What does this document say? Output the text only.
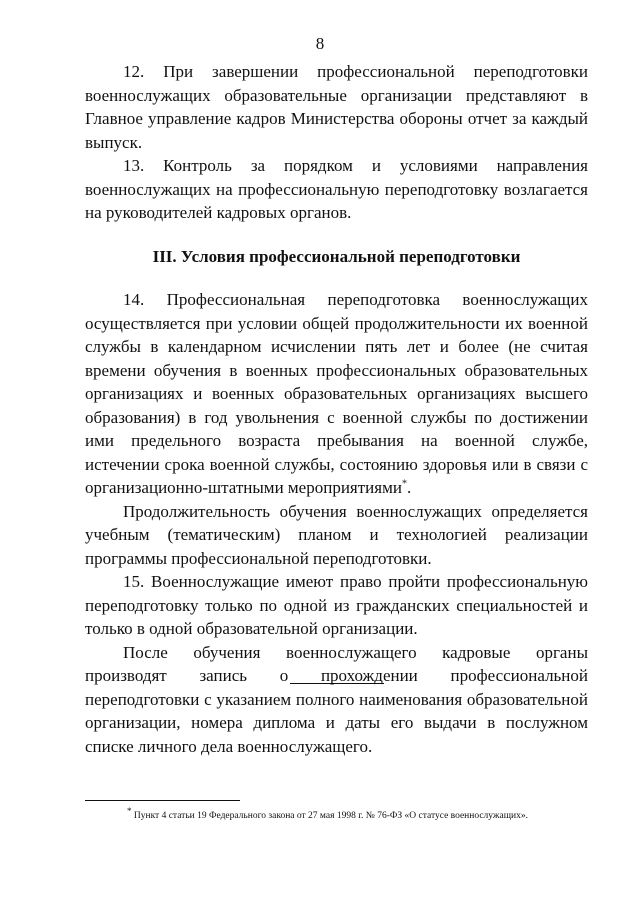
8

12. При завершении профессиональной переподготовки военнослужащих образовательные организации представляют в Главное управление кадров Министерства обороны отчет за каждый выпуск.

13. Контроль за порядком и условиями направления военнослужащих на профессиональную переподготовку возлагается на руководителей кадровых органов.

III. Условия профессиональной переподготовки

14. Профессиональная переподготовка военнослужащих осуществляется при условии общей продолжительности их военной службы в календарном исчислении пять лет и более (не считая времени обучения в военных профессиональных образовательных организациях и военных образовательных организациях высшего образования) в год увольнения с военной службы по достижении ими предельного возраста пребывания на военной службе, истечении срока военной службы, состоянию здоровья или в связи с организационно-штатными мероприятиями*.

Продолжительность обучения военнослужащих определяется учебным (тематическим) планом и технологией реализации программы профессиональной переподготовки.

15. Военнослужащие имеют право пройти профессиональную переподготовку только по одной из гражданских специальностей и только в одной образовательной организации.

После обучения военнослужащего кадровые органы производят запись о прохождении профессиональной переподготовки с указанием полного наименования образовательной организации, номера диплома и даты его выдачи в послужном списке личного дела военнослужащего.

* Пункт 4 статьи 19 Федерального закона от 27 мая 1998 г. № 76-ФЗ «О статусе военнослужащих».
